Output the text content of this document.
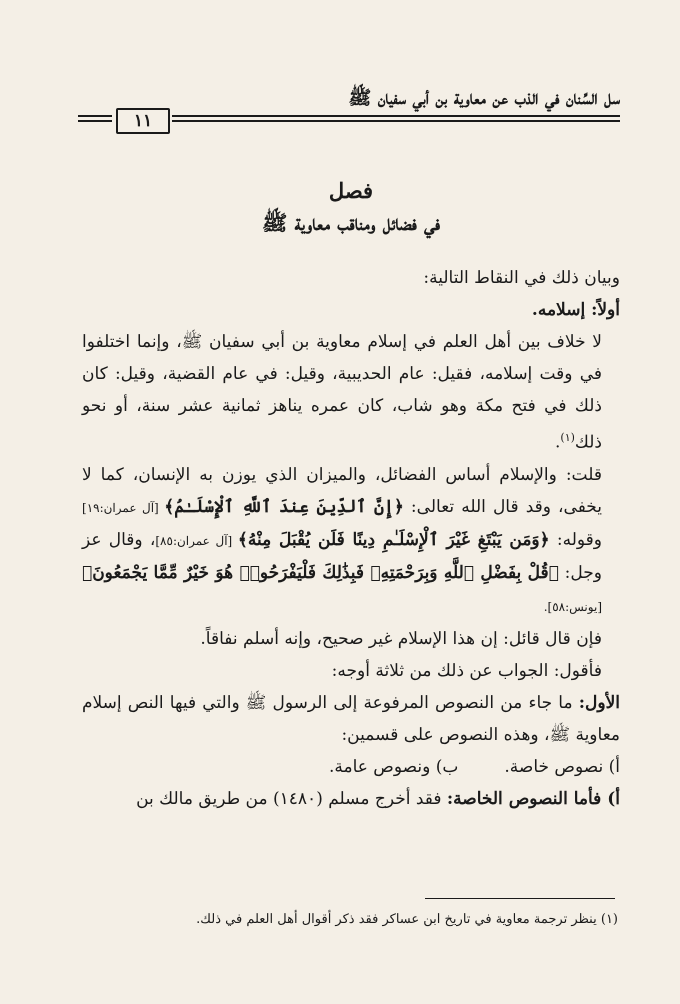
سل السِّنان في الذب عن معاوية بن أبي سفيان ﷺ
١١

فصل

في فضائل ومناقب معاوية ﷺ

وبيان ذلك في النقاط التالية:

أولاً: إسلامه.

لا خلاف بين أهل العلم في إسلام معاوية بن أبي سفيان ﷺ، وإنما اختلفوا في وقت إسلامه، فقيل: عام الحديبية، وقيل: في عام القضية، وقيل: كان ذلك في فتح مكة وهو شاب، كان عمره يناهز ثمانية عشر سنة، أو نحو ذلك$^{(١)}$.

قلت: والإسلام أساس الفضائل، والميزان الذي يوزن به الإنسان، كما لا يخفى، وقد قال الله تعالى: ﴿إِنَّ ٱلدِّينَ عِندَ ٱللَّهِ ٱلْإِسْلَـٰمُ﴾ [آل عمران:١٩] وقوله: ﴿وَمَن يَبْتَغِ غَيْرَ ٱلْإِسْلَـٰمِ دِينًا فَلَن يُقْبَلَ مِنْهُ﴾ [آل عمران:٨٥]، وقال عز وجل: ﴿قُلْ بِفَضْلِ ٱللَّهِ وَبِرَحْمَتِهِۦ فَبِذَٰلِكَ فَلْيَفْرَحُوا۟ هُوَ خَيْرٌ مِّمَّا يَجْمَعُونَ﴾ [يونس:٥٨].

فإن قال قائل: إن هذا الإسلام غير صحيح، وإنه أسلم نفاقاً.

فأقول: الجواب عن ذلك من ثلاثة أوجه:

الأول: ما جاء من النصوص المرفوعة إلى الرسول ﷺ والتي فيها النص إسلام معاوية ﷺ، وهذه النصوص على قسمين:

أ) نصوص خاصة.ب) ونصوص عامة.

أ) فأما النصوص الخاصة: فقد أخرج مسلم (١٤٨٠) من طريق مالك بن

(١) ينظر ترجمة معاوية في تاريخ ابن عساكر فقد ذكر أقوال أهل العلم في ذلك.
